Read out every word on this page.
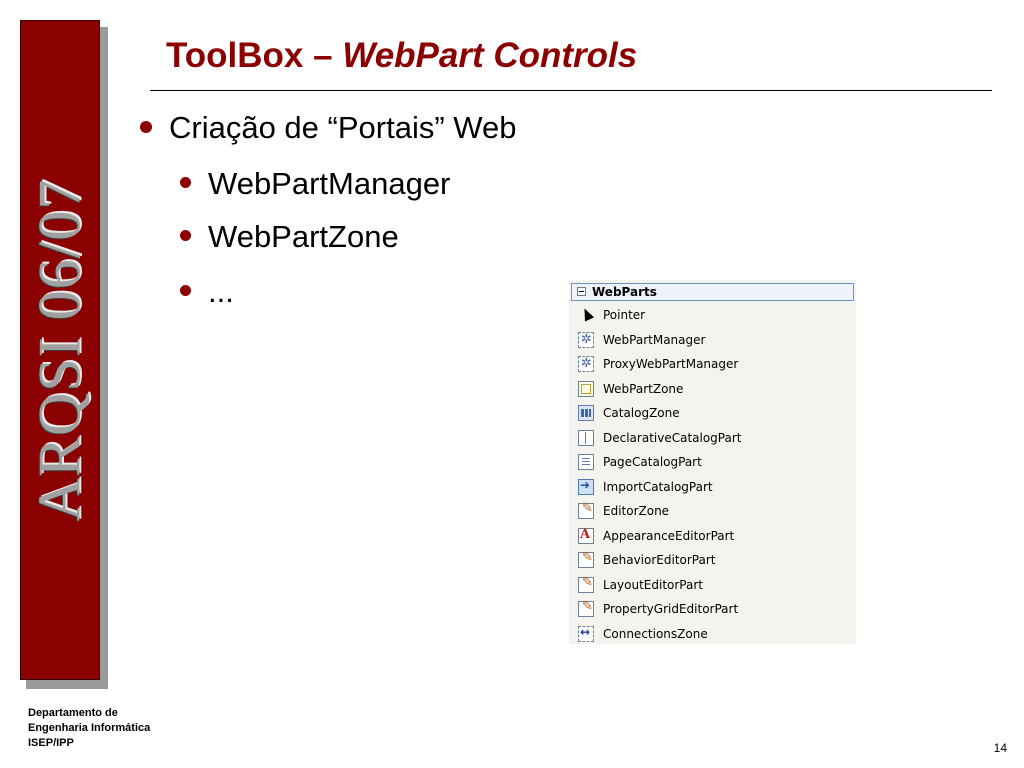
ARQSI 06/07
ToolBox – WebPart Controls
Criação de “Portais” Web
WebPartManager
WebPartZone
...	WebParts
Pointer
✲
WebPartManager
✲
ProxyWebPartManager
WebPartZone
CatalogZone
DeclarativeCatalogPart
PageCatalogPart
➜
ImportCatalogPart
✎
EditorZone
A
AppearanceEditorPart
✎
BehaviorEditorPart
✎
LayoutEditorPart
✎
PropertyGridEditorPart
↔
ConnectionsZone
Departamento de
Engenharia Informática
ISEP/IPP	14
